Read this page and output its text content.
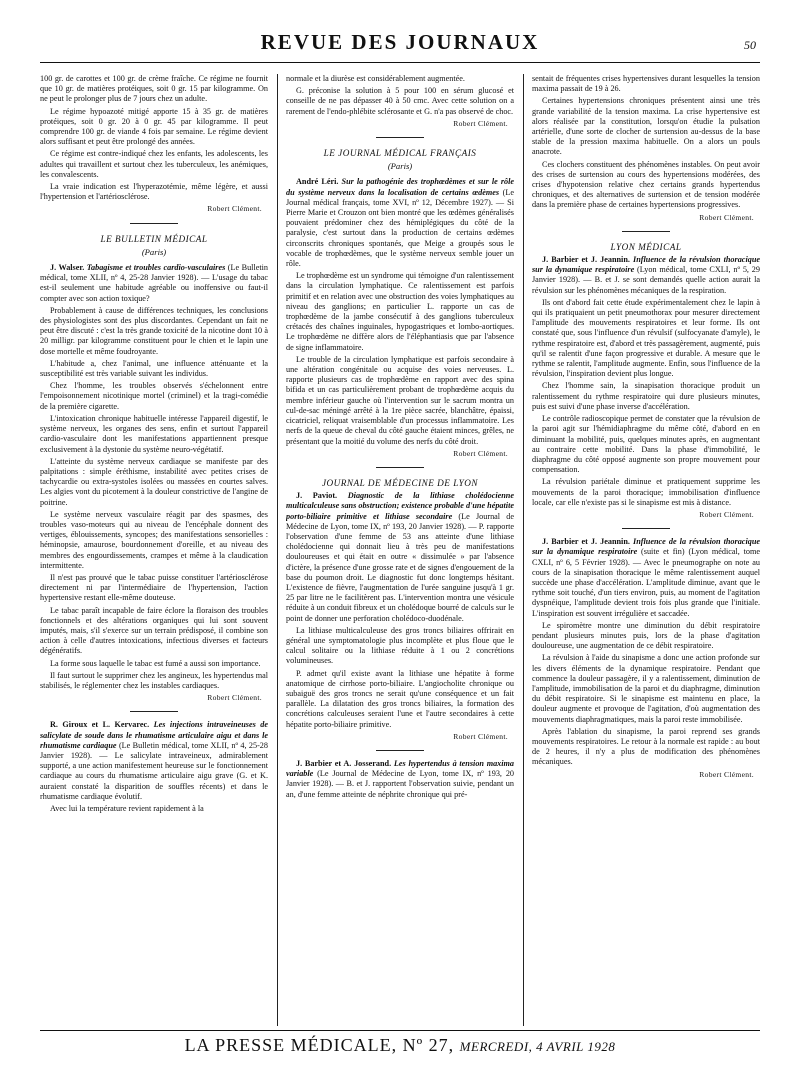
REVUE DES JOURNAUX	50

100 gr. de carottes et 100 gr. de crème fraîche. Ce régime ne fournit que 10 gr. de matières protéiques, soit 0 gr. 15 par kilogramme. On ne peut le prolonger plus de 7 jours chez un adulte.

Le régime hypoazoté mitigé apporte 15 à 35 gr. de matières protéiques, soit 0 gr. 20 à 0 gr. 45 par kilogramme. Il peut comprendre 100 gr. de viande 4 fois par semaine. Le régime devient alors suffisant et peut être prolongé des années.

Ce régime est contre-indiqué chez les enfants, les adolescents, les adultes qui travaillent et surtout chez les tuberculeux, les anémiques, les convalescents.

La vraie indication est l'hyperazotémie, même légère, et aussi l'hypertension et l'artériosclérose.

Robert Clément.
LE BULLETIN MÉDICAL
(Paris)

J. Walser. Tabagisme et troubles cardio-vasculaires (Le Bulletin médical, tome XLII, nº 4, 25-28 Janvier 1928). — L'usage du tabac est-il seulement une habitude agréable ou inoffensive ou faut-il compter avec son action toxique?

Probablement à cause de différences techniques, les conclusions des physiologistes sont des plus discordantes. Cependant un fait ne peut être discuté : c'est la très grande toxicité de la nicotine dont 10 à 20 milligr. par kilogramme constituent pour le chien et le lapin une dose mortelle et même foudroyante.

L'habitude a, chez l'animal, une influence atténuante et la susceptibilité est très variable suivant les individus.

Chez l'homme, les troubles observés s'échelonnent entre l'empoisonnement nicotinique mortel (criminel) et la tragi-comédie de la première cigarette.

L'intoxication chronique habituelle intéresse l'appareil digestif, le système nerveux, les organes des sens, enfin et surtout l'appareil cardio-vasculaire dont les manifestations appartiennent presque exclusivement à la dystonie du système neuro-végétatif.

L'atteinte du système nerveux cardiaque se manifeste par des palpitations : simple éréthisme, instabilité avec petites crises de tachycardie ou extra-systoles isolées ou massées en courtes salves. Les algies vont du picotement à la douleur constrictive de l'angine de poitrine.

Le système nerveux vasculaire réagit par des spasmes, des troubles vaso-moteurs qui au niveau de l'encéphale donnent des vertiges, éblouissements, syncopes; des manifestations sensorielles : héminopsie, amaurose, bourdonnement d'oreille, et au niveau des membres des engourdissements, crampes et même à la claudication intermittente.

Il n'est pas prouvé que le tabac puisse constituer l'artériosclérose directement ni par l'intermédiaire de l'hypertension, l'action hypertensive restant elle-même douteuse.

Le tabac paraît incapable de faire éclore la floraison des troubles fonctionnels et des altérations organiques qui lui sont souvent imputés, mais, s'il s'exerce sur un terrain prédisposé, il combine son action à celle d'autres intoxications, infectious diverses et facteurs dégénératifs.

La forme sous laquelle le tabac est fumé a aussi son importance.

Il faut surtout le supprimer chez les angineux, les hypertendus mal stabilisés, le réglementer chez les instables cardiaques.

Robert Clément.

R. Giroux et L. Kervarec. Les injections intraveineuses de salicylate de soude dans le rhumatisme articulaire aigu et dans le rhumatisme cardiaque (Le Bulletin médical, tome XLII, nº 4, 25-28 Janvier 1928). — Le salicylate intraveineux, admirablement supporté, a une action manifestement heureuse sur le fonctionnement cardiaque au cours du rhumatisme articulaire aigu grave (G. et K. auraient constaté la disparition de souffles récents) et dans le rhumatisme cardiaque évolutif.

Avec lui la température revient rapidement à la

normale et la diurèse est considérablement augmentée.

G. préconise la solution à 5 pour 100 en sérum glucosé et conseille de ne pas dépasser 40 à 50 cmc. Avec cette solution on a rarement de l'endo-phlébite sclérosante et G. n'a pas observé de choc.

Robert Clément.
LE JOURNAL MÉDICAL FRANÇAIS
(Paris)

André Léri. Sur la pathogénie des trophœdèmes et sur le rôle du système nerveux dans la localisation de certains œdèmes (Le Journal médical français, tome XVI, nº 12, Décembre 1927). — Si Pierre Marie et Crouzon ont bien montré que les œdèmes généralisés pouvaient prédominer chez des hémiplégiques du côté de la paralysie, c'est surtout dans la production de certains œdèmes circonscrits chroniques spontanés, que Meige a groupés sous le vocable de trophœdèmes, que le système nerveux semble jouer un rôle.

Le trophœdème est un syndrome qui témoigne d'un ralentissement dans la circulation lymphatique. Ce ralentissement est parfois primitif et en relation avec une obstruction des voies lymphatiques au niveau des ganglions; en particulier L. rapporte un cas de trophœdème de la jambe consécutif à des ganglions tuberculeux crétacés des chaînes inguinales, hypogastriques et lombo-aortiques. Le trophœdème ne diffère alors de l'éléphantiasis que par l'absence de signe inflammatoire.

Le trouble de la circulation lymphatique est parfois secondaire à une altération congénitale ou acquise des voies nerveuses. L. rapporte plusieurs cas de trophœdème en rapport avec des spina bifida et un cas particulièrement probant de trophœdème acquis du membre inférieur gauche où l'intervention sur le sacrum montra un cul-de-sac méningé arrêté à la 1re pièce sacrée, blanchâtre, épaissi, cicatriciel, reliquat vraisemblable d'un processus inflammatoire. Les nerfs de la queue de cheval du côté gauche étaient minces, grêles, ne présentant que la moitié du volume des nerfs du côté droit.

Robert Clément.
JOURNAL DE MÉDECINE DE LYON

J. Paviot. Diagnostic de la lithiase cholédocienne multicalculeuse sans obstruction; existence probable d'une hépatite porto-biliaire primitive et lithiase secondaire (Le Journal de Médecine de Lyon, tome IX, nº 193, 20 Janvier 1928). — P. rapporte l'observation d'une femme de 53 ans atteinte d'une lithiase cholédocienne qui donnait lieu à très peu de manifestations douloureuses et qui était en outre « dissimulée » par l'absence d'ictère, la présence d'une grosse rate et de signes d'engouement de la base du poumon droit. Le diagnostic fut donc longtemps hésitant. L'existence de fièvre, l'augmentation de l'urée sanguine jusqu'à 1 gr. 25 par litre ne le facilitèrent pas. L'intervention montra une vésicule réduite à un conduit fibreux et un cholédoque bourré de calculs sur le point de donner une perforation cholédoco-duodénale.

La lithiase multicalculeuse des gros troncs biliaires offrirait en général une symptomatologie plus incomplète et plus floue que le calcul solitaire ou la lithiase réduite à 1 ou 2 concrétions volumineuses.

P. admet qu'il existe avant la lithiase une hépatite à forme anatomique de cirrhose porto-biliaire. L'angiocholite chronique ou subaiguë des gros troncs ne serait qu'une conséquence et un fait parallèle. La dilatation des gros troncs biliaires, la formation des concrétions calculeuses seraient l'une et l'autre secondaires à cette hépatite porto-biliaire primitive.

Robert Clément.

J. Barbier et A. Josserand. Les hypertendus à tension maxima variable (Le Journal de Médecine de Lyon, tome IX, nº 193, 20 Janvier 1928). — B. et J. rapportent l'observation suivie, pendant un an, d'une femme atteinte de néphrite chronique qui pré-

sentait de fréquentes crises hypertensives durant lesquelles la tension maxima passait de 19 à 26.

Certaines hypertensions chroniques présentent ainsi une très grande variabilité de la tension maxima. La crise hypertensive est alors réalisée par la constitution, lorsqu'on étudie la pulsation artérielle, d'une sorte de clocher de surtension au-dessus de la base stable de la pression maxima habituelle. On a alors un pouls anacrote.

Ces clochers constituent des phénomènes instables. On peut avoir des crises de surtension au cours des hypertensions modérées, des crises d'hypotension relative chez certains grands hypertendus chroniques, et des alternatives de surtension et de tension modérée dans la première phase de certaines hypertensions progressives.

Robert Clément.
LYON MÉDICAL

J. Barbier et J. Jeannin. Influence de la révulsion thoracique sur la dynamique respiratoire (Lyon médical, tome CXLI, nº 5, 29 Janvier 1928). — B. et J. se sont demandés quelle action aurait la révulsion sur les phénomènes mécaniques de la respiration.

Ils ont d'abord fait cette étude expérimentalement chez le lapin à qui ils pratiquaient un petit pneumothorax pour mesurer directement l'amplitude des mouvements respiratoires et leur forme. Ils ont constaté que, sous l'influence d'un révulsif (sulfocyanate d'amyle), le rythme respiratoire est, d'abord et très passagèrement, augmenté, puis qu'il se ralentit d'une façon progressive et durable. A mesure que le rythme se ralentit, l'amplitude augmente. Enfin, sous l'influence de la révulsion, l'inspiration devient plus longue.

Chez l'homme sain, la sinapisation thoracique produit un ralentissement du rythme respiratoire qui dure plusieurs minutes, puis est suivi d'une phase inverse d'accélération.

Le contrôle radioscopique permet de constater que la révulsion de la paroi agit sur l'hémidiaphragme du même côté, d'abord en en diminuant la mobilité, puis, quelques minutes après, en augmentant au contraire cette mobilité. Dans la phase d'immobilité, le diaphragme du côté opposé augmente son propre mouvement pour compensation.

La révulsion pariétale diminue et pratiquement supprime les mouvements de la paroi thoracique; immobilisation d'influence locale, car elle n'existe pas si le sinapisme est mis à distance.

Robert Clément.

J. Barbier et J. Jeannin. Influence de la révulsion thoracique sur la dynamique respiratoire (suite et fin) (Lyon médical, tome CXLI, nº 6, 5 Février 1928). — Avec le pneumographe on note au cours de la sinapisation thoracique le même ralentissement auquel succède une phase d'accélération. L'amplitude diminue, avant que le rythme soit touché, d'un tiers environ, puis, au moment de l'agitation dyspnéique, l'amplitude devient trois fois plus grande que l'initiale. L'inspiration est souvent irrégulière et saccadée.

Le spiromètre montre une diminution du débit respiratoire pendant plusieurs minutes puis, lors de la phase d'agitation douloureuse, une augmentation de ce débit respiratoire.

La révulsion à l'aide du sinapisme a donc une action profonde sur les divers éléments de la dynamique respiratoire. Pendant que commence la douleur passagère, il y a ralentissement, diminution de l'amplitude, immobilisation de la paroi et du diaphragme, diminution du débit respiratoire. Si le sinapisme est maintenu en place, la douleur augmente et provoque de l'agitation, d'où augmentation des mouvements diaphragmatiques, mais la paroi reste immobilisée.

Après l'ablation du sinapisme, la paroi reprend ses grands mouvements respiratoires. Le retour à la normale est rapide : au bout de 2 heures, il n'y a plus de modification des phénomènes mécaniques.

Robert Clément.
LA PRESSE MÉDICALE, Nº 27, MERCREDI, 4 AVRIL 1928
